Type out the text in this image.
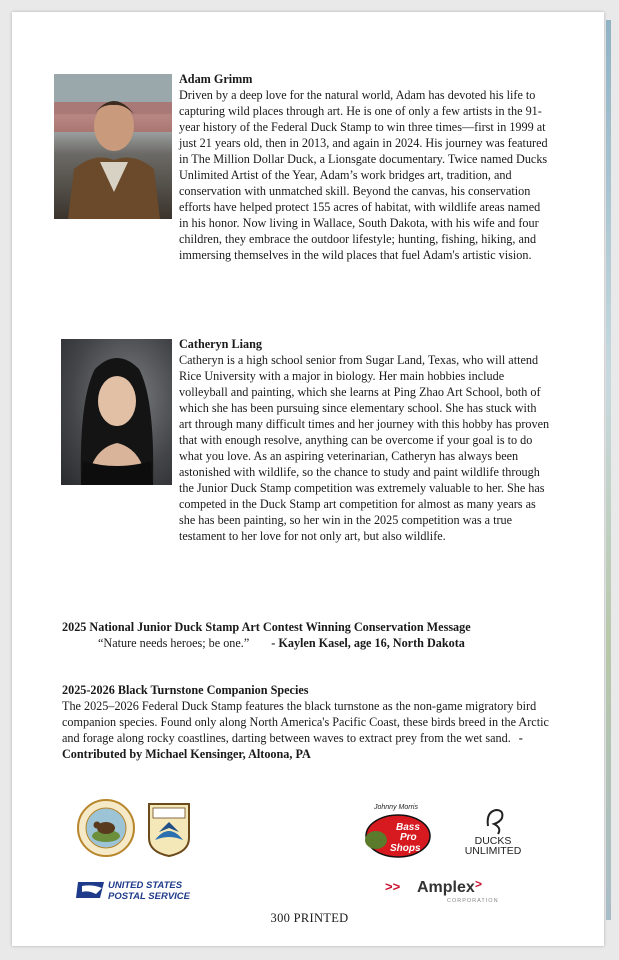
Adam Grimm
Driven by a deep love for the natural world, Adam has devoted his life to capturing wild places through art. He is one of only a few artists in the 91-year history of the Federal Duck Stamp to win three times—first in 1999 at just 21 years old, then in 2013, and again in 2024. His journey was featured in The Million Dollar Duck, a Lionsgate documentary. Twice named Ducks Unlimited Artist of the Year, Adam’s work bridges art, tradition, and conservation with unmatched skill. Beyond the canvas, his conservation efforts have helped protect 155 acres of habitat, with wildlife areas named in his honor. Now living in Wallace, South Dakota, with his wife and four children, they embrace the outdoor lifestyle; hunting, fishing, hiking, and immersing themselves in the wild places that fuel Adam's artistic vision.
Catheryn Liang
Catheryn is a high school senior from Sugar Land, Texas, who will attend Rice University with a major in biology. Her main hobbies include volleyball and painting, which she learns at Ping Zhao Art School, both of which she has been pursuing since elementary school. She has stuck with art through many difficult times and her journey with this hobby has proven that with enough resolve, anything can be overcome if your goal is to do what you love. As an aspiring veterinarian, Catheryn has always been astonished with wildlife, so the chance to study and paint wildlife through the Junior Duck Stamp competition was extremely valuable to her. She has competed in the Duck Stamp art competition for almost as many years as she has been painting, so her win in the 2025 competition was a true testament to her love for not only art, but also wildlife.
2025 National Junior Duck Stamp Art Contest Winning Conservation Message
“Nature needs heroes; be one.” - Kaylen Kasel, age 16, North Dakota
2025-2026 Black Turnstone Companion Species
The 2025–2026 Federal Duck Stamp features the black turnstone as the non-game migratory bird companion species. Found only along North America's Pacific Coast, these birds breed in the Arctic and forage along rocky coastlines, darting between waves to extract prey from the wet sand. - Contributed by Michael Kensinger, Altoona, PA
Johnny Morris
Bass
Pro
Shops
DUCKS
UNLIMITED
UNITED STATES
POSTAL SERVICE
>> Amplex >
CORPORATION
300 PRINTED
